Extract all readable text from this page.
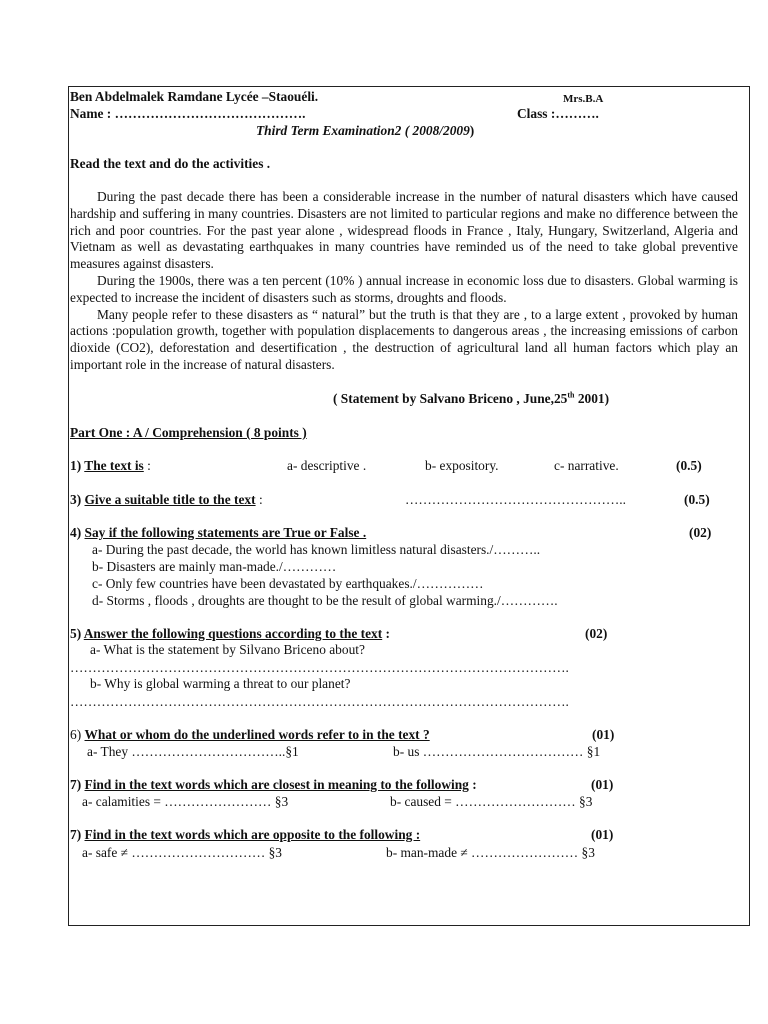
Ben Abdelmalek Ramdane Lycée –Staouéli.	Mrs.B.A
Name : …………………………………….	Class :……….
Third Term Examination2 ( 2008/2009)
Read the text and do the activities .

During the past decade there has been a considerable increase in the number of natural disasters which have caused hardship and suffering in many countries. Disasters are not limited to particular regions and make no difference between the rich and poor countries. For the past year alone , widespread floods in France , Italy, Hungary, Switzerland, Algeria and Vietnam as well as devastating earthquakes in many countries have reminded us of the need to take global preventive measures against disasters.

During the 1900s, there was a ten percent (10% ) annual increase in economic loss due to disasters. Global warming is expected to increase the incident of disasters such as storms, droughts and floods.

Many people refer to these disasters as “ natural” but the truth is that they are , to a large extent , provoked by human actions :population growth, together with population displacements to dangerous areas , the increasing emissions of carbon dioxide (CO2), deforestation and desertification , the destruction of agricultural land all human factors which play an important role in the increase of natural disasters.

( Statement by Salvano Briceno , June,25th 2001)
Part One : A / Comprehension ( 8 points )
1) The text is :	a- descriptive .	b- expository.	c- narrative.	(0.5)
3) Give a suitable title to the text :	…………………………………………..	(0.5)
4) Say if the following statements are True or False .	(02)
a- During the past decade, the world has known limitless natural disasters./………..
b- Disasters are mainly man-made./…………
c- Only few countries have been devastated by earthquakes./……………
d- Storms , floods , droughts are thought to be the result of global warming./………….
5) Answer the following questions according to the text :	(02)
a- What is the statement by Silvano Briceno about?
………………………………………………………………………………………………….
b- Why is global warming a threat to our planet?
………………………………………………………………………………………………….
6) What or whom do the underlined words refer to in the text ?	(01)
a- They ……………………………..§1	b- us ……………………………… §1
7) Find in the text words which are closest in meaning to the following :	(01)
a- calamities = …………………… §3	b- caused = ……………………… §3
7) Find in the text words which are opposite to the following :	(01)
a- safe ≠ ………………………… §3	b- man-made ≠ …………………… §3
